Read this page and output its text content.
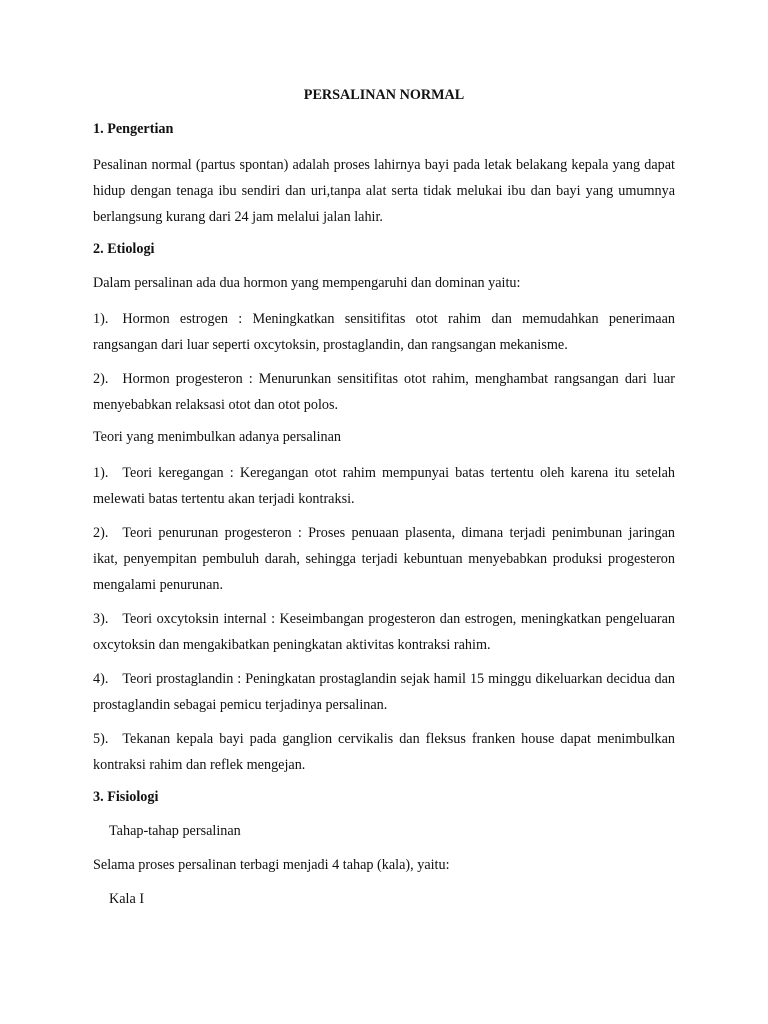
PERSALINAN NORMAL
1. Pengertian
Pesalinan normal (partus spontan) adalah proses lahirnya bayi pada letak belakang kepala yang dapat hidup dengan tenaga ibu sendiri dan uri,tanpa alat serta tidak melukai ibu dan bayi yang umumnya berlangsung kurang dari 24 jam melalui jalan lahir.
2. Etiologi
Dalam persalinan ada dua hormon yang mempengaruhi dan dominan yaitu:
1). Hormon estrogen : Meningkatkan sensitifitas otot rahim dan memudahkan penerimaan rangsangan dari luar seperti oxcytoksin, prostaglandin, dan rangsangan mekanisme.
2). Hormon progesteron : Menurunkan sensitifitas otot rahim, menghambat rangsangan dari luar menyebabkan relaksasi otot dan otot polos.
Teori yang menimbulkan adanya persalinan
1). Teori keregangan : Keregangan otot rahim mempunyai batas tertentu oleh karena itu setelah melewati batas tertentu akan terjadi kontraksi.
2). Teori penurunan progesteron : Proses penuaan plasenta, dimana terjadi penimbunan jaringan ikat, penyempitan pembuluh darah, sehingga terjadi kebuntuan menyebabkan produksi progesteron mengalami penurunan.
3). Teori oxcytoksin internal : Keseimbangan progesteron dan estrogen, meningkatkan pengeluaran oxcytoksin dan mengakibatkan peningkatan aktivitas kontraksi rahim.
4). Teori prostaglandin : Peningkatan prostaglandin sejak hamil 15 minggu dikeluarkan decidua dan prostaglandin sebagai pemicu terjadinya persalinan.
5). Tekanan kepala bayi pada ganglion cervikalis dan fleksus franken house dapat menimbulkan kontraksi rahim dan reflek mengejan.
3. Fisiologi
Tahap-tahap persalinan
Selama proses persalinan terbagi menjadi 4 tahap (kala), yaitu:
Kala I
